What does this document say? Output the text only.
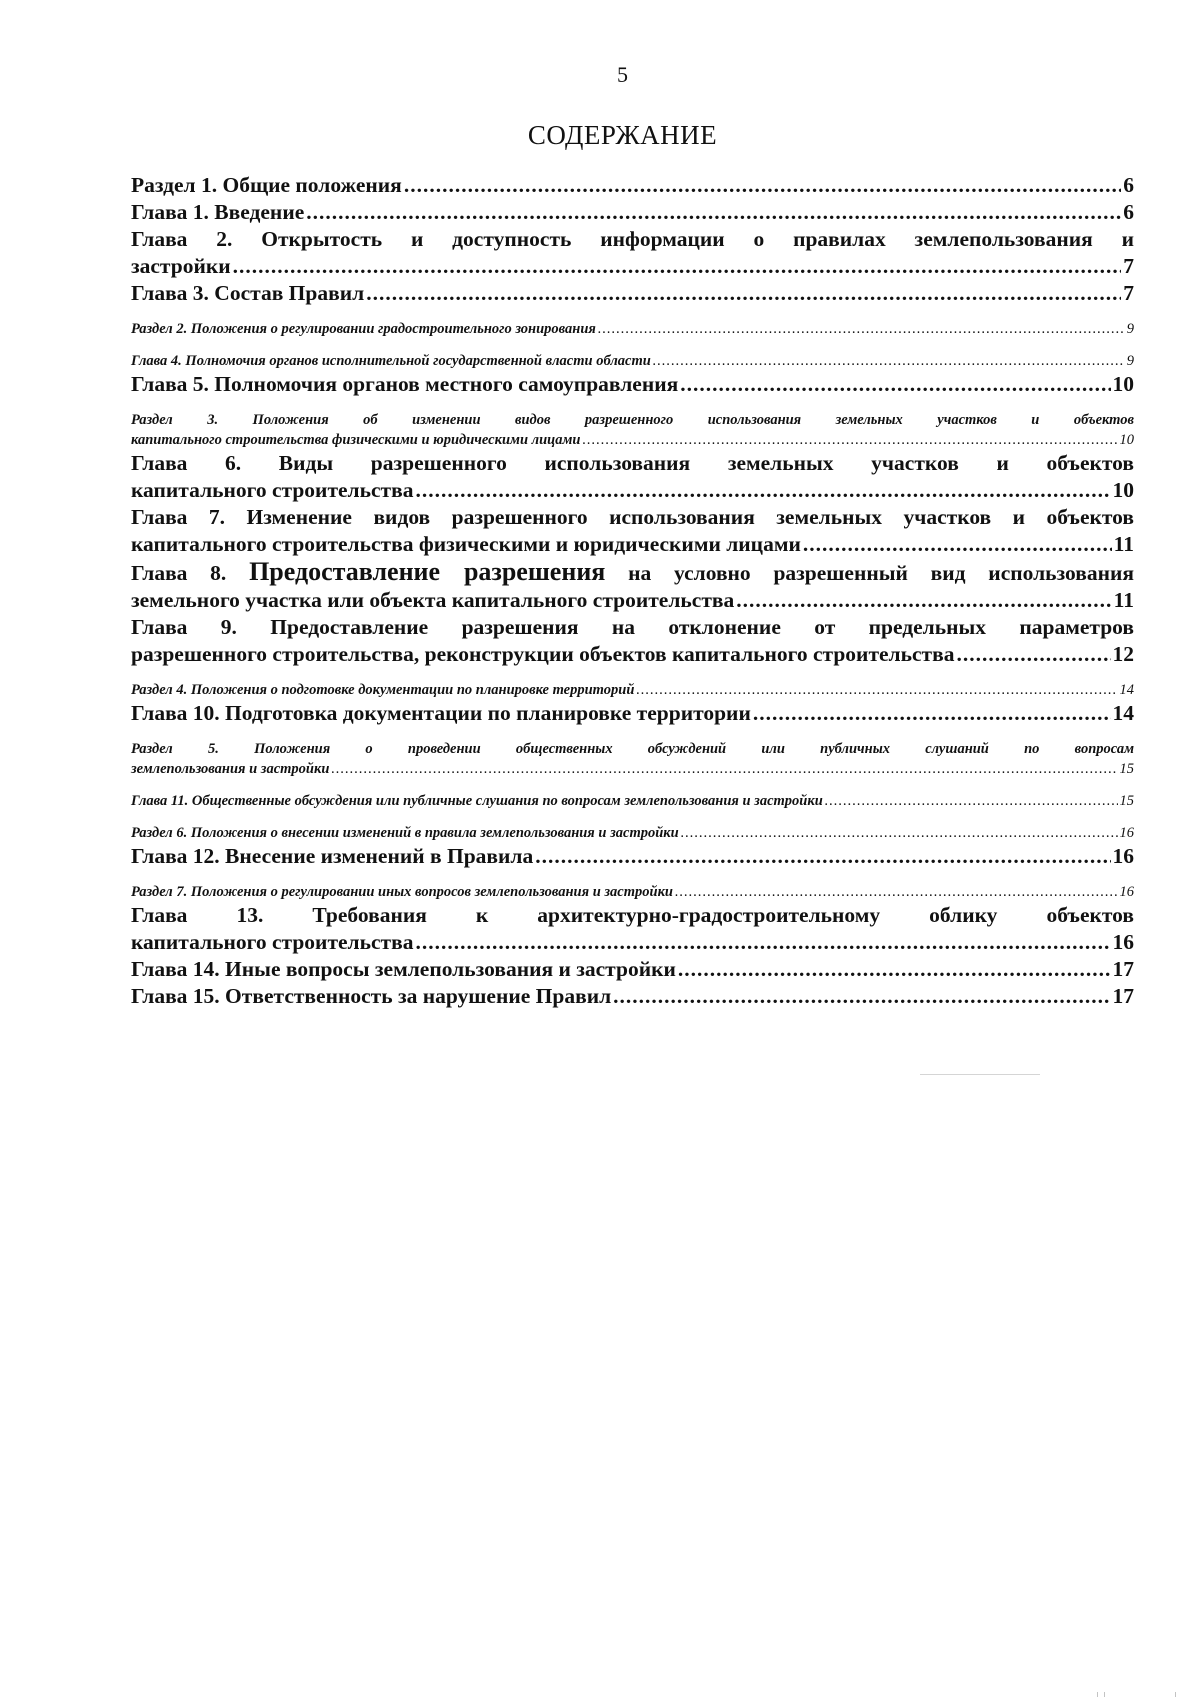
5
СОДЕРЖАНИЕ
Раздел 1. Общие положения .....	6
Глава 1. Введение .....	6
Глава 2. Открытость и доступность информации о правилах землепользования и
застройки .....	7
Глава 3. Состав Правил .....	7
Раздел 2. Положения о регулировании градостроительного зонирования .....	9
Глава 4. Полномочия органов исполнительной государственной власти области .....	9
Глава 5. Полномочия органов местного самоуправления .....	10
Раздел 3. Положения об изменении видов разрешенного использования земельных участков и объектов
капитального строительства физическими и юридическими лицами .....	10
Глава 6. Виды разрешенного использования земельных участков и объектов
капитального строительства .....	10
Глава 7. Изменение видов разрешенного использования земельных участков и объектов
капитального строительства физическими и юридическими лицами .....	11
Глава 8. Предоставление разрешения на условно разрешенный вид использования
земельного участка или объекта капитального строительства .....	11
Глава 9. Предоставление разрешения на отклонение от предельных параметров
разрешенного строительства, реконструкции объектов капитального строительства .....	12
Раздел 4. Положения о подготовке документации по планировке территорий .....	14
Глава 10. Подготовка документации по планировке территории .....	14
Раздел 5. Положения о проведении общественных обсуждений или публичных слушаний по вопросам
землепользования и застройки .....	15
Глава 11. Общественные обсуждения или публичные слушания по вопросам землепользования и застройки .....	15
Раздел 6. Положения о внесении изменений в правила землепользования и застройки .....	16
Глава 12. Внесение изменений в Правила .....	16
Раздел 7. Положения о регулировании иных вопросов землепользования и застройки .....	16
Глава 13. Требования к архитектурно-градостроительному облику объектов
капитального строительства .....	16
Глава 14. Иные вопросы землепользования и застройки .....	17
Глава 15. Ответственность за нарушение Правил .....	17
